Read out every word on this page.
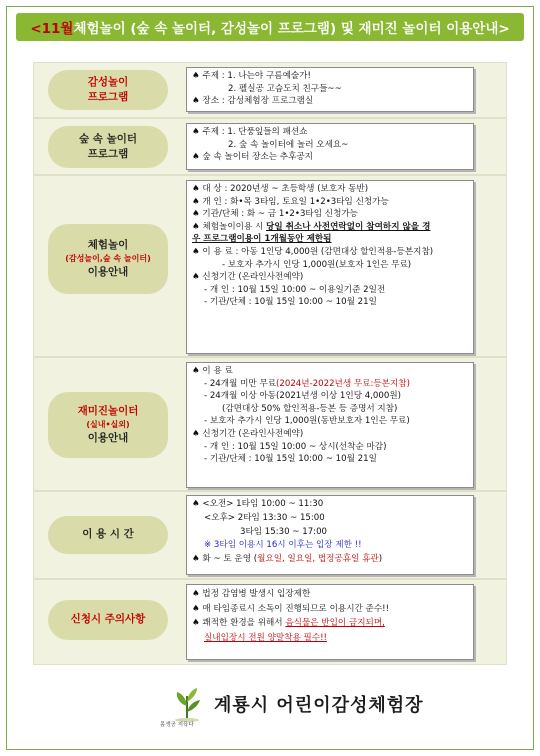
<11월 체험놀이 (숲 속 놀이터, 감성놀이 프로그램) 및 재미진 놀이터 이용안내>
감성놀이
프로그램
♠ 주제 : 1. 나는야 구름예술가!
2. 펠실공 고슴도치 친구들~~
♠ 장소 : 감성체험장 프로그램실
숲 속 놀이터
프로그램
♠ 주제 : 1. 단풍잎들의 패션쇼
2. 숲 속 놀이터에 놀러 오세요~
♠ 숲 속 놀이터 장소는 추후공지
체험놀이
(감성놀이,숲 속 놀이터)
이용안내
♠ 대 상 : 2020년생 ~ 초등학생 (보호자 동반)
♠ 개 인 : 화•목 3타임, 토요일 1•2•3타임 신청가능
♠ 기관/단체 : 화 ~ 금 1•2•3타임 신청가능
♠ 체험놀이이용 시 당일 취소나 사전연락없이 참여하지 않을 경
우 프로그램이용이 1개월동안 제한됨
♠ 이 용 료 : 아동 1인당 4,000원 (감면대상 할인적용-등본지참)
- 보호자 추가시 인당 1,000원(보호자 1인은 무료)
♠ 신청기간 (온라인사전예약)
- 개 인 : 10월 15일 10:00 ~ 이용일기준 2일전
- 기관/단체 : 10월 15일 10:00 ~ 10월 21일
재미진놀이터
(실내•실외)
이용안내
♠ 이 용 료
- 24개월 미만 무료(2024년-2022년생 무료:등본지참)
- 24개월 이상 아동(2021년생 이상 1인당 4,000원)
(감면대상 50% 할인적용-등본 등 증명서 지참)
- 보호자 추가시 인당 1,000원(동반보호자 1인은 무료)
♠ 신청기간 (온라인사전예약)
- 개 인 : 10월 15일 10:00 ~ 상시(선착순 마감)
- 기관/단체 : 10월 15일 10:00 ~ 10월 21일
이 용 시 간
♠ <오전> 1타임 10:00 ~ 11:30
<오후> 2타임 13:30 ~ 15:00
3타임 15:30 ~ 17:00
※ 3타임 이용시 16시 이후는 입장 제한 !!
♠ 화 ~ 토 운영 (월요일, 일요일, 법정공휴일 휴관)
신청시 주의사항
♠ 법정 감염병 발생시 입장제한
♠ 매 타임종료시 소독이 진행되므로 이용시간 준수!!
♠ 쾌적한 환경을 위해서 음식물은 반입이 금지되며,
실내입장시 전원 양말착용 필수!!
몸생공 지육다
계룡시 어린이감성체험장
